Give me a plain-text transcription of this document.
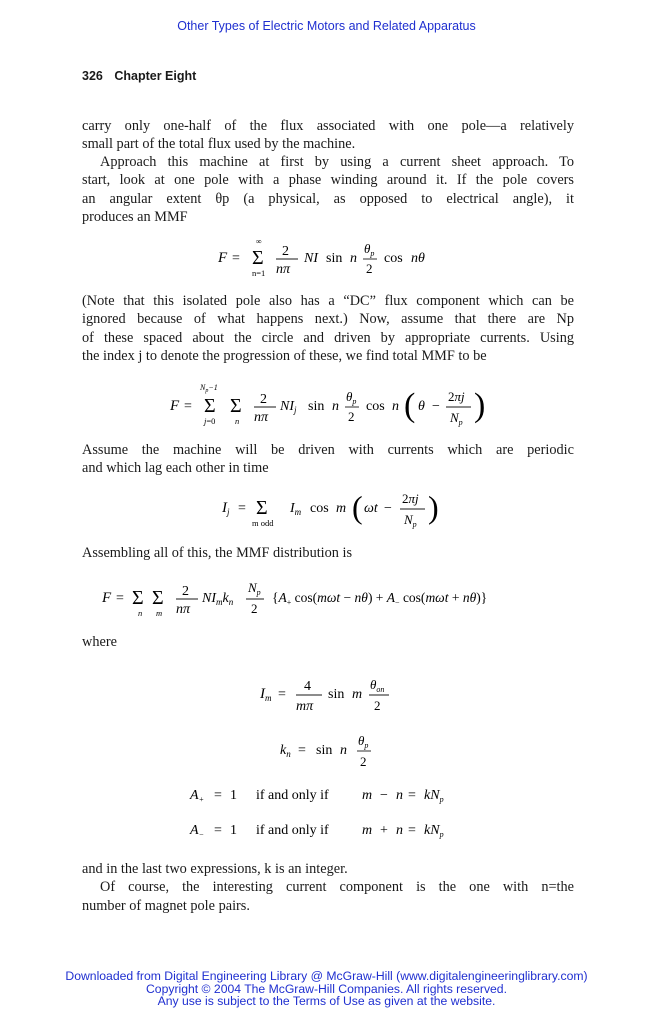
Other Types of Electric Motors and Related Apparatus
326 Chapter Eight
carry only one-half of the flux associated with one pole—a relatively
small part of the total flux used by the machine.
Approach this machine at first by using a current sheet approach. To
start, look at one pole with a phase winding around it. If the pole covers
an angular extent θp (a physical, as opposed to electrical angle), it
produces an MMF
F =
∞
Σ
n=1
2
nπ
NI sin n
$\theta_p$
2
cos nθ
(Note that this isolated pole also has a “DC” flux component which can be
ignored because of what happens next.) Now, assume that there are Np
of these spaced about the circle and driven by appropriate currents. Using
the index j to denote the progression of these, we find total MMF to be
F =
$N_p-1$
Σ
j=0
Σ
n
2
nπ
$NI_j$ sin n
$\theta_p$
2
cos n ( θ −
2πj
$N_p$ )
Assume the machine will be driven with currents which are periodic
and which lag each other in time
$I_j = \Sigma$
m odd
$I_m$ cos m ( ωt −
2πj
$N_p$ )
Assembling all of this, the MMF distribution is
F = Σ
n
Σ
m
2
nπ
$NI_mk_n$
$N_p$
2
{$A_+$ $\cos(m\omega t - n\theta) + A_-$ cos(mωt + nθ)}
where
$I_m$ =
4
mπ
sin m
$\theta_{on}$
2
$k_n = \sin n$
$\theta_p$
2
$A_+ = 1$ if and only if $m - n = kN_p$
$A_- = 1$ if and only if $m + n = kN_p$
and in the last two expressions, k is an integer.
Of course, the interesting current component is the one with n=the
number of magnet pole pairs.
Downloaded from Digital Engineering Library @ McGraw-Hill (www.digitalengineeringlibrary.com)
Copyright © 2004 The McGraw-Hill Companies. All rights reserved.
Any use is subject to the Terms of Use as given at the website.
